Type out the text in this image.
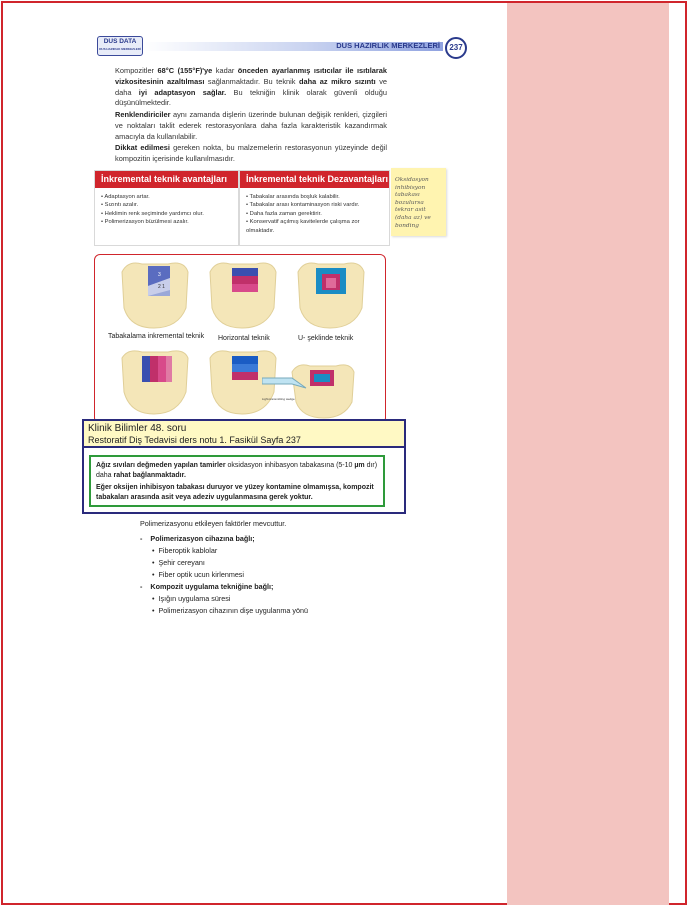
DUS DATA
DUS HAZIRLIK MERKEZLERİ	DUS HAZIRLIK MERKEZLERİ	237
Kompozitler 68°C (155°F)'ye kadar önceden ayarlanmış ısıtıcılar ile ısıtılarak vizkositesinin azaltılması sağlanmaktadır. Bu teknik daha az mikro sızıntı ve daha iyi adaptasyon sağlar. Bu tekniğin klinik olarak güvenli olduğu düşünülmektedir.
Renklendiriciler aynı zamanda dişlerin üzerinde bulunan değişik renkleri, çizgileri ve noktaları taklit ederek restorasyonlara daha fazla karakteristik kazandırmak amacıyla da kullanılabilir.
Dikkat edilmesi gereken nokta, bu malzemelerin restorasyonun yüzeyinde değil kompozitin içerisinde kullanılmasıdır.
İnkremental teknik avantajları
• Adaptasyon artar.
• Sızıntı azalır.
• Heklimin renk seçiminde yardımcı olur.
• Polimerizasyon büzülmesi azalır.
İnkremental teknik Dezavantajları
• Tabakalar arasında boşluk kalabilir.
• Tabakalar arası kontaminasyon riski vardır.
• Daha fazla zaman gerektirir.
• Konservatif açılmış kavitelerde çalışma zor olmaktadır.
Oksidasyon inhibisyon tabakası bozulursa tekrar asit (daha az) ve bonding
3
2 1
Tabakalama inkremental teknik Horizontal teknik	U- şeklinde teknik
Light-transmitting wedge
Klinik Bilimler 48. soru
Restoratif Diş Tedavisi ders notu 1. Fasikül Sayfa 237
Ağız sıvıları değmeden yapılan tamirler oksidasyon inhibasyon tabakasına (5-10 µm dır) daha rahat bağlanmaktadır.
Eğer oksijen inhibisyon tabakası duruyor ve yüzey kontamine olmamışsa, kompozit tabakaları arasında asit veya adeziv uygulanmasına gerek yoktur.
Polimerizasyonu etkileyen faktörler mevcuttur.
- Polimerizasyon cihazına bağlı;
•  Fiberoptik kablolar
•  Şehir cereyanı
•  Fiber optik ucun kirlenmesi
- Kompozit uygulama tekniğine bağlı;
•  Işığın uygulama süresi
•  Polimerizasyon cihazının dişe uygulanma yönü
